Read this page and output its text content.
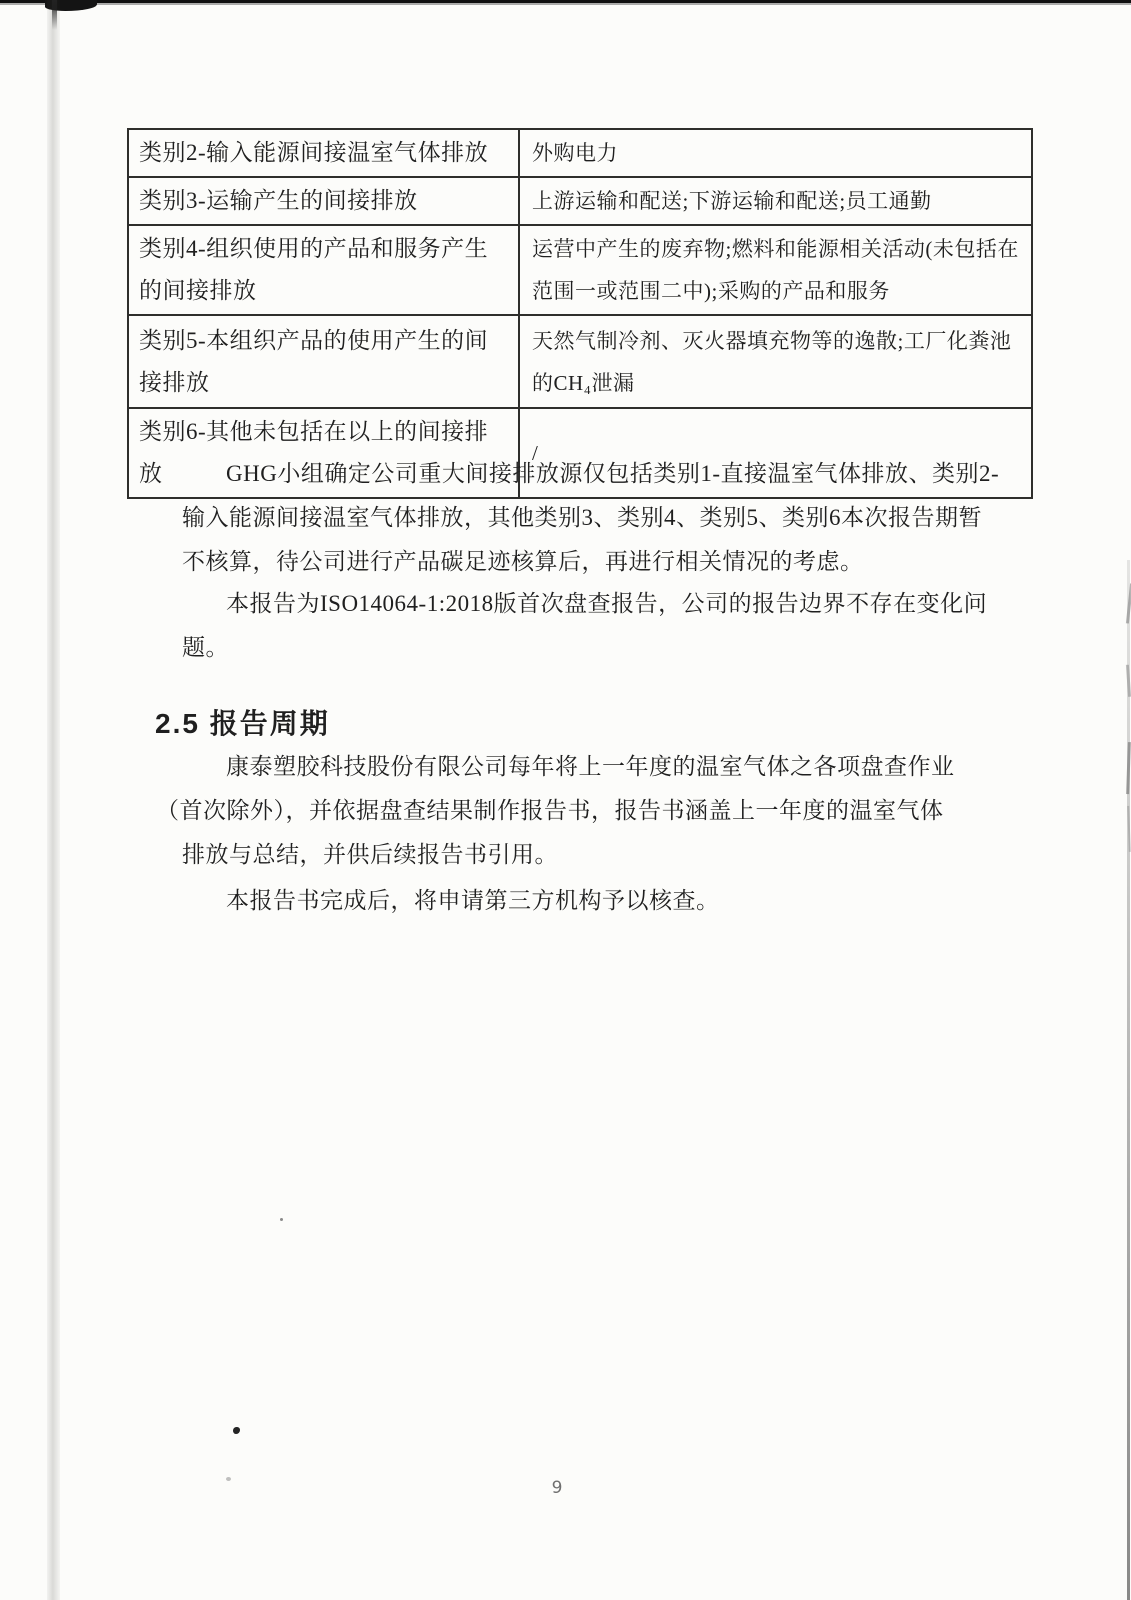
类别2-输入能源间接温室气体排放	外购电力
类别3-运输产生的间接排放	上游运输和配送;下游运输和配送;员工通勤
类别4-组织使用的产品和服务产生的间接排放	运营中产生的废弃物;燃料和能源相关活动(未包括在范围一或范围二中);采购的产品和服务
类别5-本组织产品的使用产生的间接排放	天然气制冷剂、灭火器填充物等的逸散;工厂化粪池的CH₄泄漏
类别6-其他未包括在以上的间接排放	/
GHG小组确定公司重大间接排放源仅包括类别1-直接温室气体排放、类别2-
输入能源间接温室气体排放，其他类别3、类别4、类别5、类别6本次报告期暂
不核算，待公司进行产品碳足迹核算后，再进行相关情况的考虑。
本报告为ISO14064-1:2018版首次盘查报告，公司的报告边界不存在变化问
题。
2.5 报告周期
康泰塑胶科技股份有限公司每年将上一年度的温室气体之各项盘查作业
（首次除外），并依据盘查结果制作报告书，报告书涵盖上一年度的温室气体
排放与总结，并供后续报告书引用。
本报告书完成后，将申请第三方机构予以核查。
9
